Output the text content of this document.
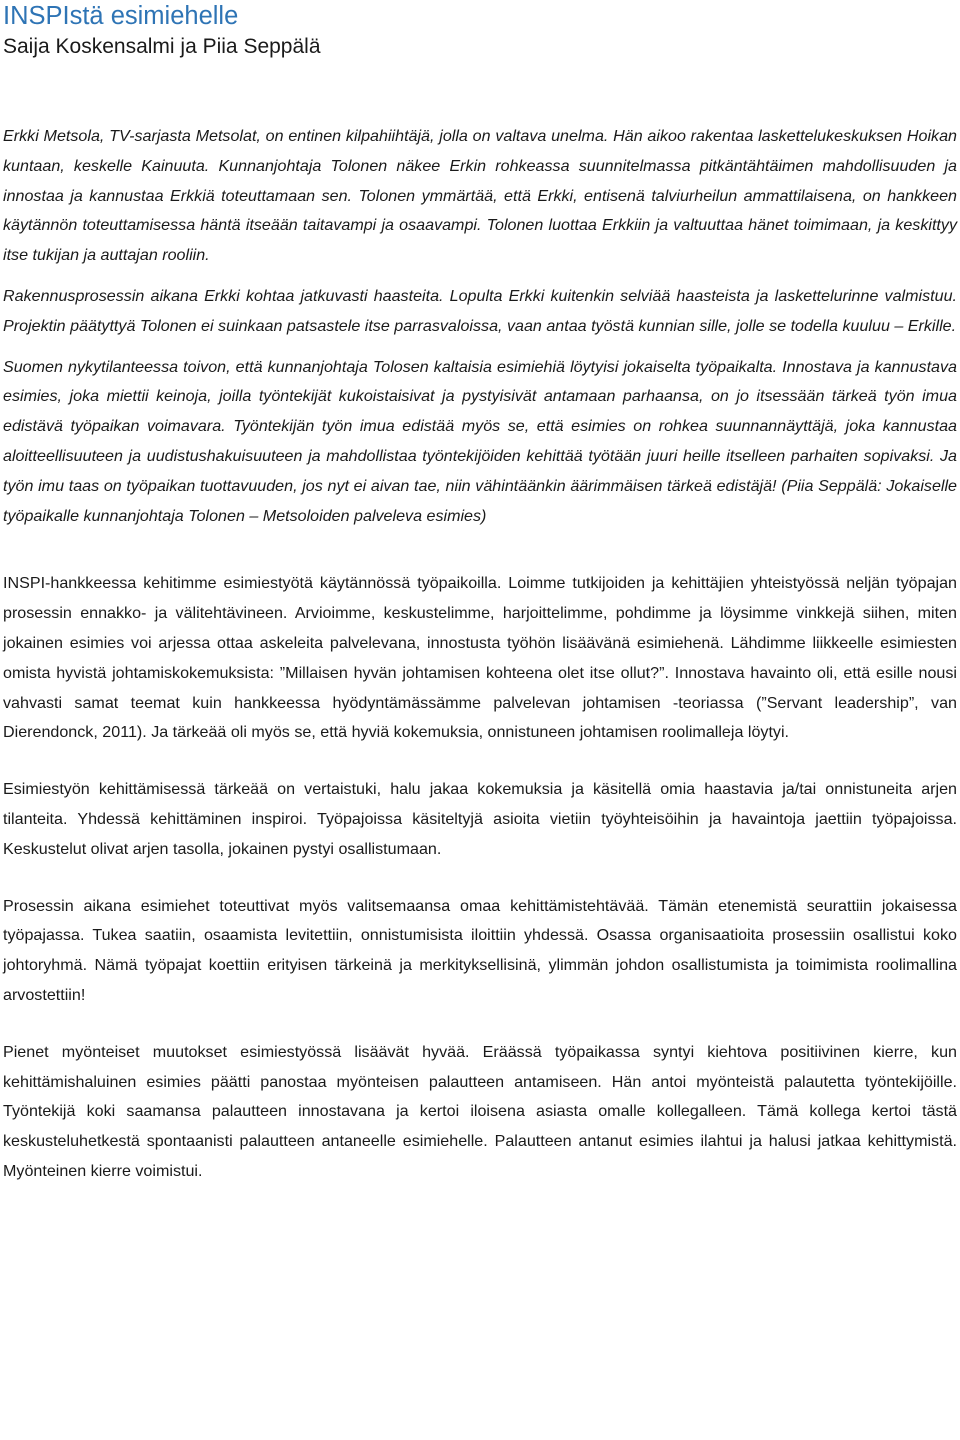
INSPIstä esimiehelle
Saija Koskensalmi ja Piia Seppälä

Erkki Metsola, TV-sarjasta Metsolat, on entinen kilpahiihtäjä, jolla on valtava unelma. Hän aikoo rakentaa laskettelukeskuksen Hoikan kuntaan, keskelle Kainuuta. Kunnanjohtaja Tolonen näkee Erkin rohkeassa suunnitelmassa pitkäntähtäimen mahdollisuuden ja innostaa ja kannustaa Erkkiä toteuttamaan sen. Tolonen ymmärtää, että Erkki, entisenä talviurheilun ammattilaisena, on hankkeen käytännön toteuttamisessa häntä itseään taitavampi ja osaavampi. Tolonen luottaa Erkkiin ja valtuuttaa hänet toimimaan, ja keskittyy itse tukijan ja auttajan rooliin.

Rakennusprosessin aikana Erkki kohtaa jatkuvasti haasteita. Lopulta Erkki kuitenkin selviää haasteista ja laskettelurinne valmistuu. Projektin päätyttyä Tolonen ei suinkaan patsastele itse parrasvaloissa, vaan antaa työstä kunnian sille, jolle se todella kuuluu – Erkille.

Suomen nykytilanteessa toivon, että kunnanjohtaja Tolosen kaltaisia esimiehiä löytyisi jokaiselta työpaikalta. Innostava ja kannustava esimies, joka miettii keinoja, joilla työntekijät kukoistaisivat ja pystyisivät antamaan parhaansa, on jo itsessään tärkeä työn imua edistävä työpaikan voimavara. Työntekijän työn imua edistää myös se, että esimies on rohkea suunnannäyttäjä, joka kannustaa aloitteellisuuteen ja uudistushakuisuuteen ja mahdollistaa työntekijöiden kehittää työtään juuri heille itselleen parhaiten sopivaksi. Ja työn imu taas on työpaikan tuottavuuden, jos nyt ei aivan tae, niin vähintäänkin äärimmäisen tärkeä edistäjä! (Piia Seppälä: Jokaiselle työpaikalle kunnanjohtaja Tolonen – Metsoloiden palveleva esimies)

INSPI-hankkeessa kehitimme esimiestyötä käytännössä työpaikoilla. Loimme tutkijoiden ja kehittäjien yhteistyössä neljän työpajan prosessin ennakko- ja välitehtävineen. Arvioimme, keskustelimme, harjoittelimme, pohdimme ja löysimme vinkkejä siihen, miten jokainen esimies voi arjessa ottaa askeleita palvelevana, innostusta työhön lisäävänä esimiehenä. Lähdimme liikkeelle esimiesten omista hyvistä johtamiskokemuksista: ”Millaisen hyvän johtamisen kohteena olet itse ollut?”. Innostava havainto oli, että esille nousi vahvasti samat teemat kuin hankkeessa hyödyntämässämme palvelevan johtamisen -teoriassa (”Servant leadership”, van Dierendonck, 2011). Ja tärkeää oli myös se, että hyviä kokemuksia, onnistuneen johtamisen roolimalleja löytyi.

Esimiestyön kehittämisessä tärkeää on vertaistuki, halu jakaa kokemuksia ja käsitellä omia haastavia ja/tai onnistuneita arjen tilanteita. Yhdessä kehittäminen inspiroi. Työpajoissa käsiteltyjä asioita vietiin työyhteisöihin ja havaintoja jaettiin työpajoissa. Keskustelut olivat arjen tasolla, jokainen pystyi osallistumaan.

Prosessin aikana esimiehet toteuttivat myös valitsemaansa omaa kehittämistehtävää. Tämän etenemistä seurattiin jokaisessa työpajassa. Tukea saatiin, osaamista levitettiin, onnistumisista iloittiin yhdessä. Osassa organisaatioita prosessiin osallistui koko johtoryhmä. Nämä työpajat koettiin erityisen tärkeinä ja merkityksellisinä, ylimmän johdon osallistumista ja toimimista roolimallina arvostettiin!

Pienet myönteiset muutokset esimiestyössä lisäävät hyvää. Eräässä työpaikassa syntyi kiehtova positiivinen kierre, kun kehittämishaluinen esimies päätti panostaa myönteisen palautteen antamiseen. Hän antoi myönteistä palautetta työntekijöille. Työntekijä koki saamansa palautteen innostavana ja kertoi iloisena asiasta omalle kollegalleen. Tämä kollega kertoi tästä keskusteluhetkestä spontaanisti palautteen antaneelle esimiehelle. Palautteen antanut esimies ilahtui ja halusi jatkaa kehittymistä. Myönteinen kierre voimistui.
